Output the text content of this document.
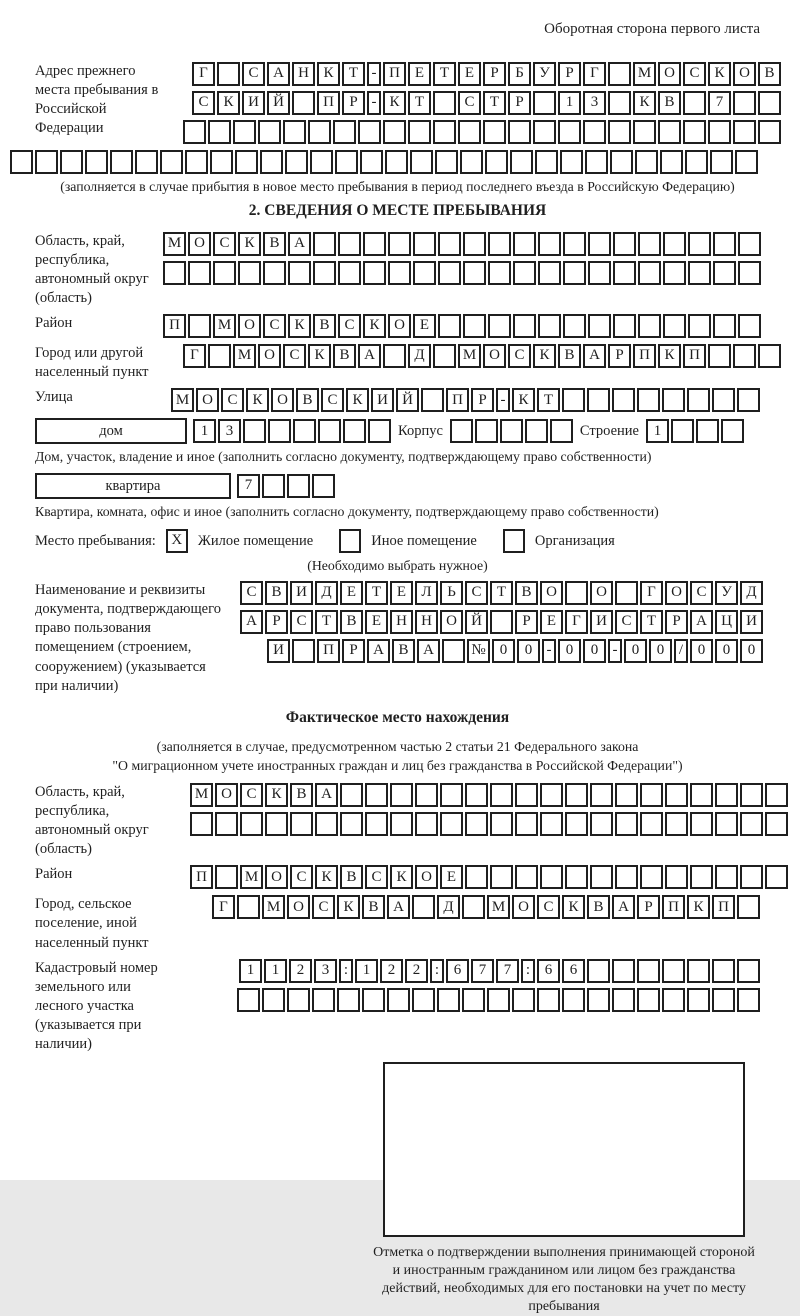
Оборотная сторона первого листа
Адрес прежнего места пребывания в Российской Федерации
Г	С А Н К	Т - П Е	Т	Е	Р	Б	У	Р	Г	М О С К О В
С К И Й	П	Р - К	Т	С	Т	Р	1	3	К В	7
(заполняется в случае прибытия в новое место пребывания в период последнего въезда в Российскую Федерацию)
2. СВЕДЕНИЯ О МЕСТЕ ПРЕБЫВАНИЯ
Область, край, республика, автономный округ (область)
М О С К В А
Район	П	М О С К В С К О Е
Город или другой населенный пункт
Г	М О С К В А	Д	М О С К В А	Р	П К П
Улица	М О С К О В С К И Й	П	Р - К	Т
дом	1	3	Корпус	Строение 1
Дом, участок, владение и иное (заполнить согласно документу, подтверждающему право собственности)
квартира	7
Квартира, комната, офис и иное (заполнить согласно документу, подтверждающему право собственности)
Место пребывания:	X	Жилое помещение	Иное помещение	Организация
(Необходимо выбрать нужное)
Наименование и реквизиты документа, подтверждающего право пользования помещением (строением, сооружением) (указывается при наличии)
С В И Д	Е	Т	Е	Л	Ь	С	Т	В О	О	Г	О С У Д
А	Р	С	Т	В	Е	Н Н О Й	Р	Е	Г	И С	Т	Р	А Ц И
И	П	Р	А В А	№ 0	0 - 0	0 - 0	0 / 0	0	0
Фактическое место нахождения
(заполняется в случае, предусмотренном частью 2 статьи 21 Федерального закона
"О миграционном учете иностранных граждан и лиц без гражданства в Российской Федерации")
Область, край, республика, автономный округ (область)
М О С К В А
Район	П	М О С К В С К О Е
Город, сельское поселение, иной населенный пункт
Г	М О С К В А	Д	М О С К В А	Р	П К П
Кадастровый номер земельного или лесного участка (указывается при наличии)
1	1	2	3 : 1	2	2 : 6	7	7 : 6	6
Отметка о подтверждении выполнения принимающей стороной и иностранным гражданином или лицом без гражданства действий, необходимых для его постановки на учет по месту пребывания
